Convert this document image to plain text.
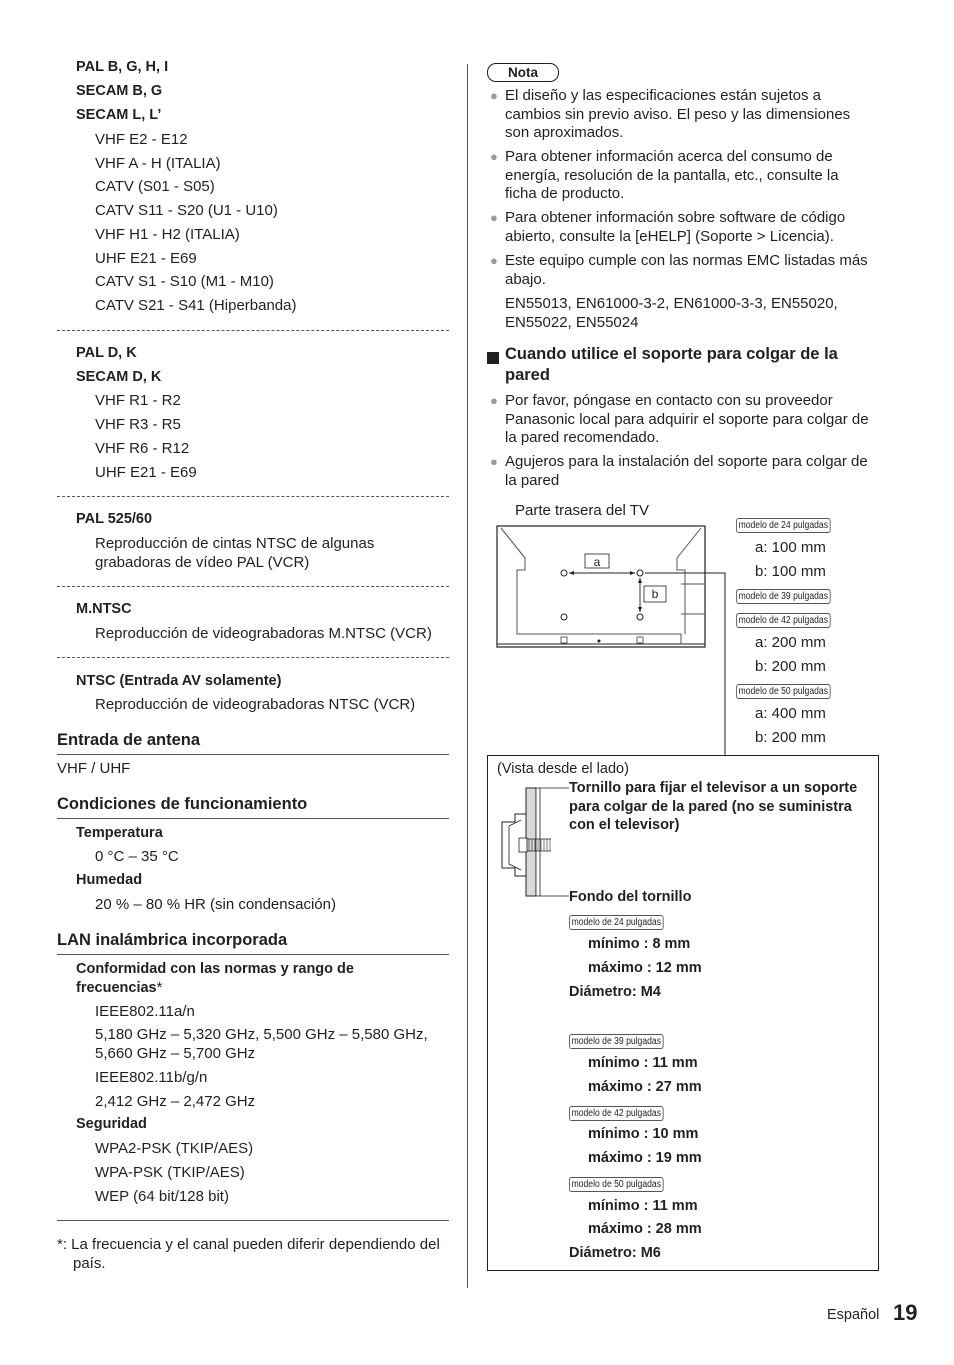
PAL B, G, H, I
SECAM B, G
SECAM L, L’
VHF E2 - E12
VHF A - H (ITALIA)
CATV (S01 - S05)
CATV S11 - S20 (U1 - U10)
VHF H1 - H2 (ITALIA)
UHF E21 - E69
CATV S1 - S10 (M1 - M10)
CATV S21 - S41 (Hiperbanda)
PAL D, K
SECAM D, K
VHF R1 - R2
VHF R3 - R5
VHF R6 - R12
UHF E21 - E69
PAL 525/60
Reproducción de cintas NTSC de algunas grabadoras de vídeo PAL (VCR)
M.NTSC
Reproducción de videograbadoras M.NTSC (VCR)
NTSC (Entrada AV solamente)
Reproducción de videograbadoras NTSC (VCR)
Entrada de antena
VHF / UHF
Condiciones de funcionamiento
Temperatura
0 °C – 35 °C
Humedad
20 % – 80 % HR (sin condensación)
LAN inalámbrica incorporada
Conformidad con las normas y rango de frecuencias*
IEEE802.11a/n
5,180 GHz – 5,320 GHz, 5,500 GHz – 5,580 GHz, 5,660 GHz – 5,700 GHz
IEEE802.11b/g/n
2,412 GHz – 2,472 GHz
Seguridad
WPA2-PSK (TKIP/AES)
WPA-PSK (TKIP/AES)
WEP (64 bit/128 bit)
*: La frecuencia y el canal pueden diferir dependiendo del país.
Nota
● El diseño y las especificaciones están sujetos a cambios sin previo aviso. El peso y las dimensiones son aproximados.
● Para obtener información acerca del consumo de energía, resolución de la pantalla, etc., consulte la ficha de producto.
● Para obtener información sobre software de código abierto, consulte la [eHELP] (Soporte > Licencia).
● Este equipo cumple con las normas EMC listadas más abajo.
EN55013, EN61000-3-2, EN61000-3-3, EN55020, EN55022, EN55024
Cuando utilice el soporte para colgar de la pared
● Por favor, póngase en contacto con su proveedor Panasonic local para adquirir el soporte para colgar de la pared recomendado.
● Agujeros para la instalación del soporte para colgar de la pared
Parte trasera del TV
a
b
modelo de 24 pulgadas
a: 100 mm
b: 100 mm
modelo de 39 pulgadas
modelo de 42 pulgadas
a: 200 mm
b: 200 mm
modelo de 50 pulgadas
a: 400 mm
b: 200 mm
(Vista desde el lado)
Tornillo para fijar el televisor a un soporte para colgar de la pared (no se suministra con el televisor)
Fondo del tornillo
modelo de 24 pulgadas
mínimo : 8 mm
máximo : 12 mm
Diámetro: M4
modelo de 39 pulgadas
mínimo : 11 mm
máximo : 27 mm
modelo de 42 pulgadas
mínimo : 10 mm
máximo : 19 mm
modelo de 50 pulgadas
mínimo : 11 mm
máximo : 28 mm
Diámetro: M6
Español 19
